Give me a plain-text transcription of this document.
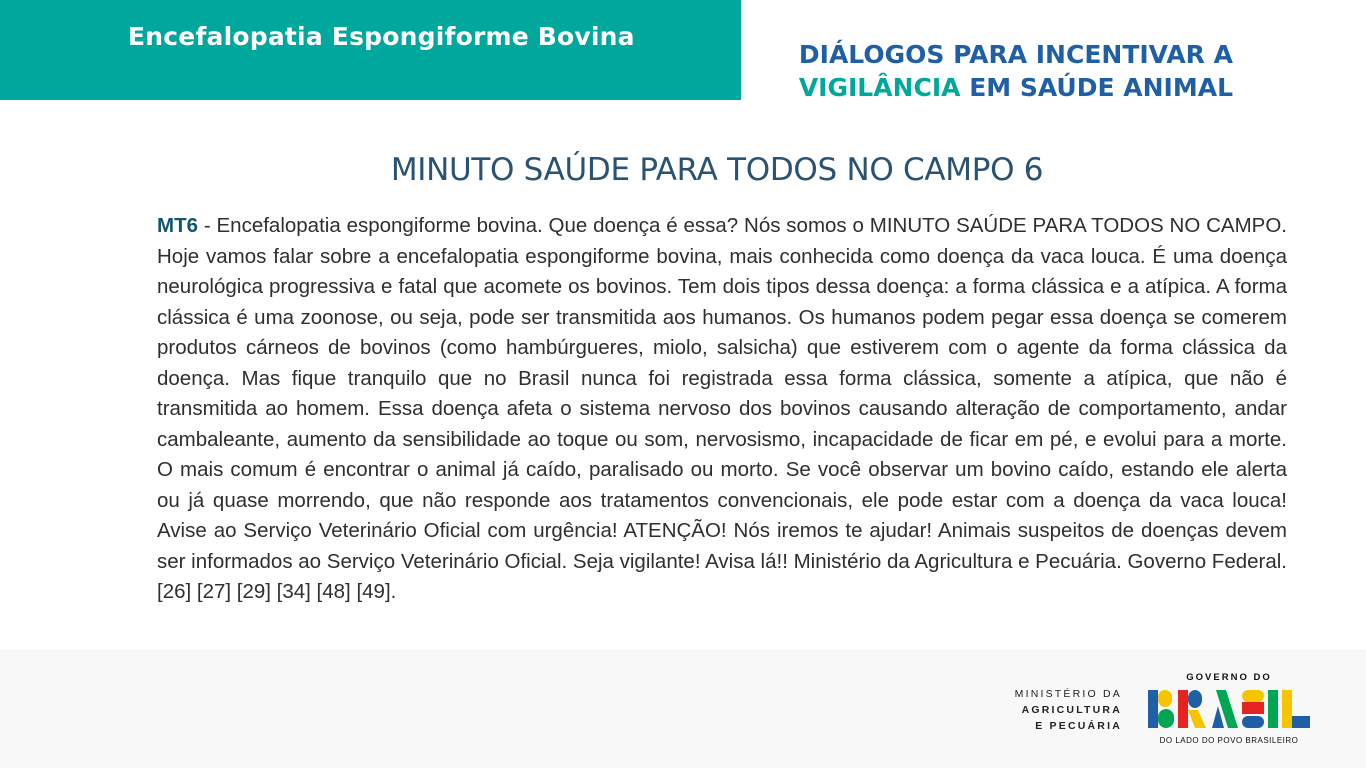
Encefalopatia Espongiforme Bovina
DIÁLOGOS PARA INCENTIVAR A
VIGILÂNCIA EM SAÚDE ANIMAL
MINUTO SAÚDE PARA TODOS NO CAMPO 6

MT6 - Encefalopatia espongiforme bovina. Que doença é essa? Nós somos o MINUTO SAÚDE PARA TODOS NO CAMPO. Hoje vamos falar sobre a encefalopatia espongiforme bovina, mais conhecida como doença da vaca louca. É uma doença neurológica progressiva e fatal que acomete os bovinos. Tem dois tipos dessa doença: a forma clássica e a atípica. A forma clássica é uma zoonose, ou seja, pode ser transmitida aos humanos. Os humanos podem pegar essa doença se comerem produtos cárneos de bovinos (como hambúrgueres, miolo, salsicha) que estiverem com o agente da forma clássica da doença. Mas fique tranquilo que no Brasil nunca foi registrada essa forma clássica, somente a atípica, que não é transmitida ao homem. Essa doença afeta o sistema nervoso dos bovinos causando alteração de comportamento, andar cambaleante, aumento da sensibilidade ao toque ou som, nervosismo, incapacidade de ficar em pé, e evolui para a morte. O mais comum é encontrar o animal já caído, paralisado ou morto. Se você observar um bovino caído, estando ele alerta ou já quase morrendo, que não responde aos tratamentos convencionais, ele pode estar com a doença da vaca louca! Avise ao Serviço Veterinário Oficial com urgência! ATENÇÃO! Nós iremos te ajudar! Animais suspeitos de doenças devem ser informados ao Serviço Veterinário Oficial. Seja vigilante! Avisa lá!! Ministério da Agricultura e Pecuária. Governo Federal. [26] [27] [29] [34] [48] [49].

MINISTÉRIO DA
AGRICULTURA
E PECUÁRIA
GOVERNO DO
DO LADO DO POVO BRASILEIRO
